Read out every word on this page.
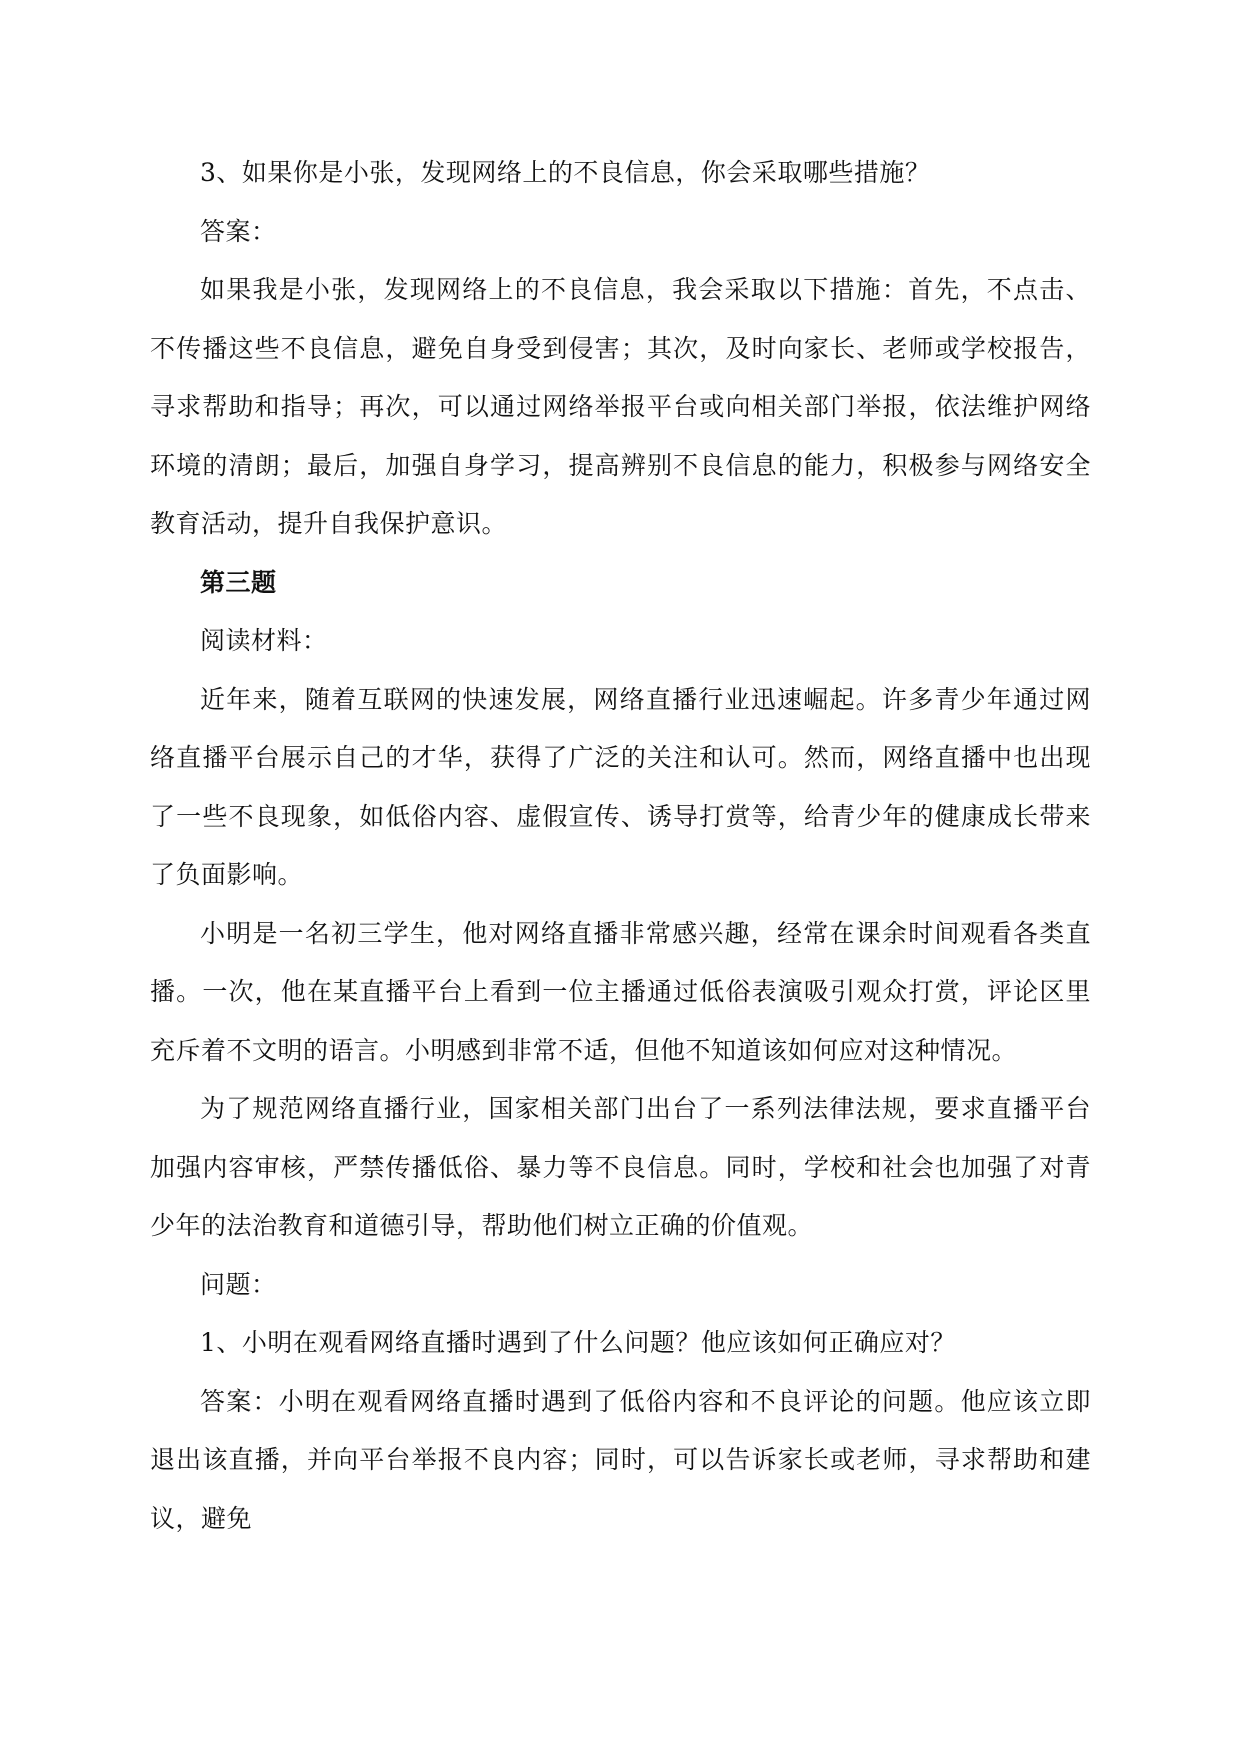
3、如果你是小张，发现网络上的不良信息，你会采取哪些措施？

答案：

如果我是小张，发现网络上的不良信息，我会采取以下措施：首先，不点击、不传播这些不良信息，避免自身受到侵害；其次，及时向家长、老师或学校报告，寻求帮助和指导；再次，可以通过网络举报平台或向相关部门举报，依法维护网络环境的清朗；最后，加强自身学习，提高辨别不良信息的能力，积极参与网络安全教育活动，提升自我保护意识。

第三题

阅读材料：

近年来，随着互联网的快速发展，网络直播行业迅速崛起。许多青少年通过网络直播平台展示自己的才华，获得了广泛的关注和认可。然而，网络直播中也出现了一些不良现象，如低俗内容、虚假宣传、诱导打赏等，给青少年的健康成长带来了负面影响。

小明是一名初三学生，他对网络直播非常感兴趣，经常在课余时间观看各类直播。一次，他在某直播平台上看到一位主播通过低俗表演吸引观众打赏，评论区里充斥着不文明的语言。小明感到非常不适，但他不知道该如何应对这种情况。

为了规范网络直播行业，国家相关部门出台了一系列法律法规，要求直播平台加强内容审核，严禁传播低俗、暴力等不良信息。同时，学校和社会也加强了对青少年的法治教育和道德引导，帮助他们树立正确的价值观。

问题：

1、小明在观看网络直播时遇到了什么问题？他应该如何正确应对？

答案：小明在观看网络直播时遇到了低俗内容和不良评论的问题。他应该立即退出该直播，并向平台举报不良内容；同时，可以告诉家长或老师，寻求帮助和建议，避免
